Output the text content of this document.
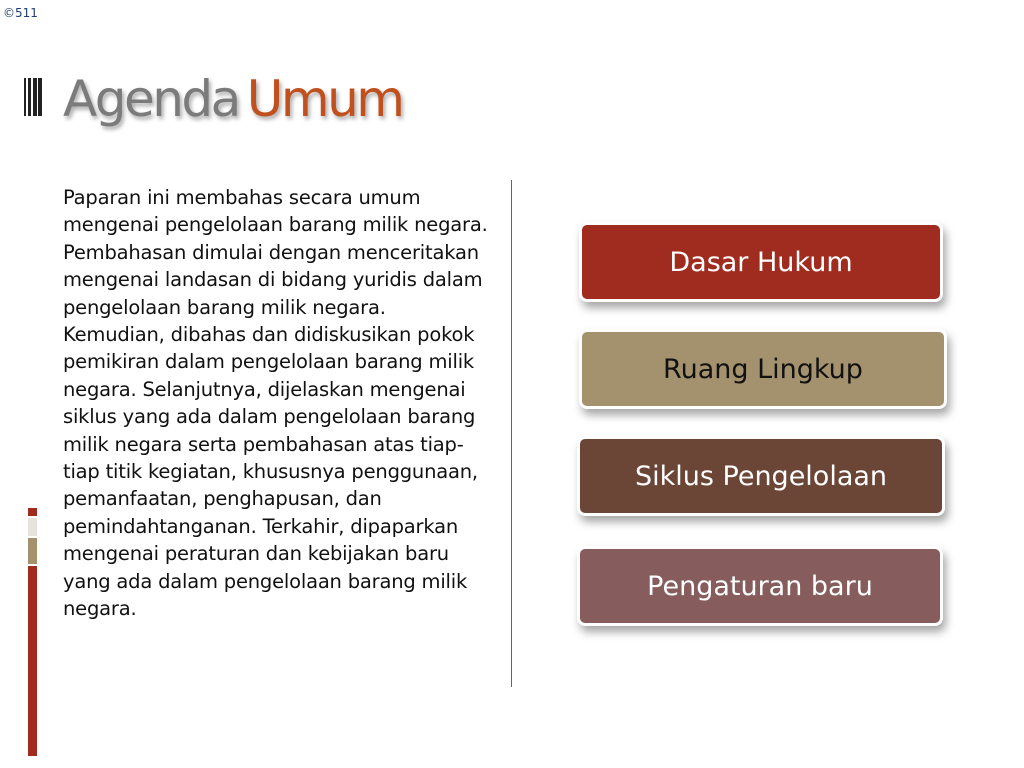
©511
Agenda Umum
Paparan ini membahas secara umum mengenai pengelolaan barang milik negara. Pembahasan dimulai dengan menceritakan mengenai landasan di bidang yuridis dalam pengelolaan barang milik negara. Kemudian, dibahas dan didiskusikan pokok pemikiran dalam pengelolaan barang milik negara. Selanjutnya, dijelaskan mengenai siklus yang ada dalam pengelolaan barang milik negara serta pembahasan atas tiap-tiap titik kegiatan, khususnya penggunaan, pemanfaatan, penghapusan, dan pemindahtanganan. Terkahir, dipaparkan mengenai peraturan dan kebijakan baru yang ada dalam pengelolaan barang milik negara.
Dasar Hukum
Ruang Lingkup
Siklus Pengelolaan
Pengaturan baru
